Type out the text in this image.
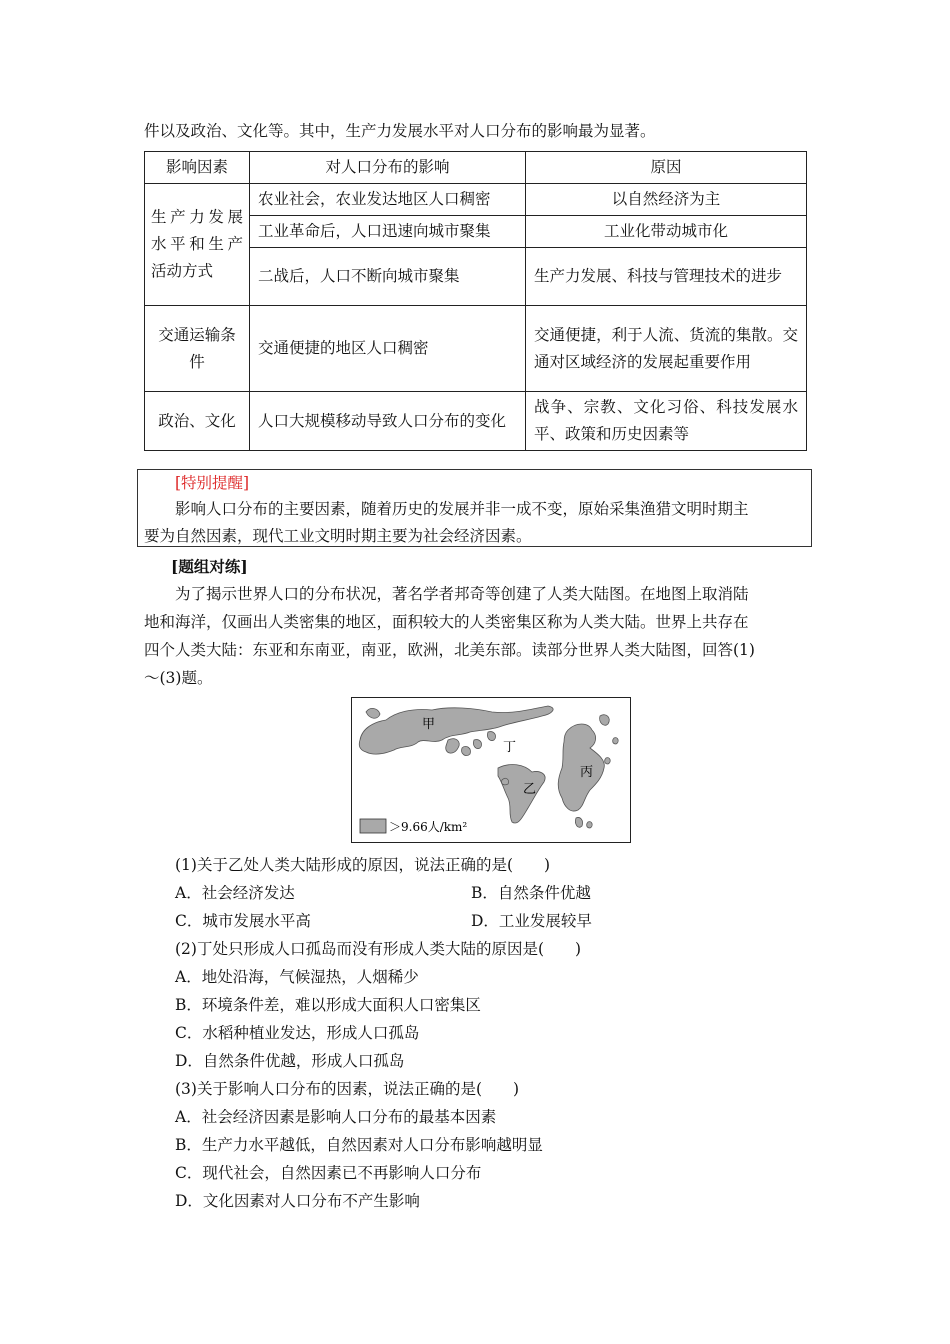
件以及政治、文化等。其中，生产力发展水平对人口分布的影响最为显著。
影响因素	对人口分布的影响	原因
生产力发展水平和生产活动方式	农业社会，农业发达地区人口稠密	以自然经济为主
	工业革命后，人口迅速向城市聚集	工业化带动城市化
	二战后，人口不断向城市聚集	生产力发展、科技与管理技术的进步
交通运输条件	交通便捷的地区人口稠密	交通便捷，利于人流、货流的集散。交通对区域经济的发展起重要作用
政治、文化	人口大规模移动导致人口分布的变化	战争、宗教、文化习俗、科技发展水平、政策和历史因素等
[特别提醒]
影响人口分布的主要因素，随着历史的发展并非一成不变，原始采集渔猎文明时期主
要为自然因素，现代工业文明时期主要为社会经济因素。
[题组对练]
为了揭示世界人口的分布状况，著名学者邦奇等创建了人类大陆图。在地图上取消陆
地和海洋，仅画出人类密集的地区，面积较大的人类密集区称为人类大陆。世界上共存在
四个人类大陆：东亚和东南亚，南亚，欧洲，北美东部。读部分世界人类大陆图，回答(1)
～(3)题。
甲
丁
乙
丙
＞9.66人/km²
(1)关于乙处人类大陆形成的原因，说法正确的是(　　)
A．社会经济发达	B．自然条件优越
C．城市发展水平高	D．工业发展较早
(2)丁处只形成人口孤岛而没有形成人类大陆的原因是(　　)
A．地处沿海，气候湿热，人烟稀少
B．环境条件差，难以形成大面积人口密集区
C．水稻种植业发达，形成人口孤岛
D．自然条件优越，形成人口孤岛
(3)关于影响人口分布的因素，说法正确的是(　　)
A．社会经济因素是影响人口分布的最基本因素
B．生产力水平越低，自然因素对人口分布影响越明显
C．现代社会，自然因素已不再影响人口分布
D．文化因素对人口分布不产生影响
